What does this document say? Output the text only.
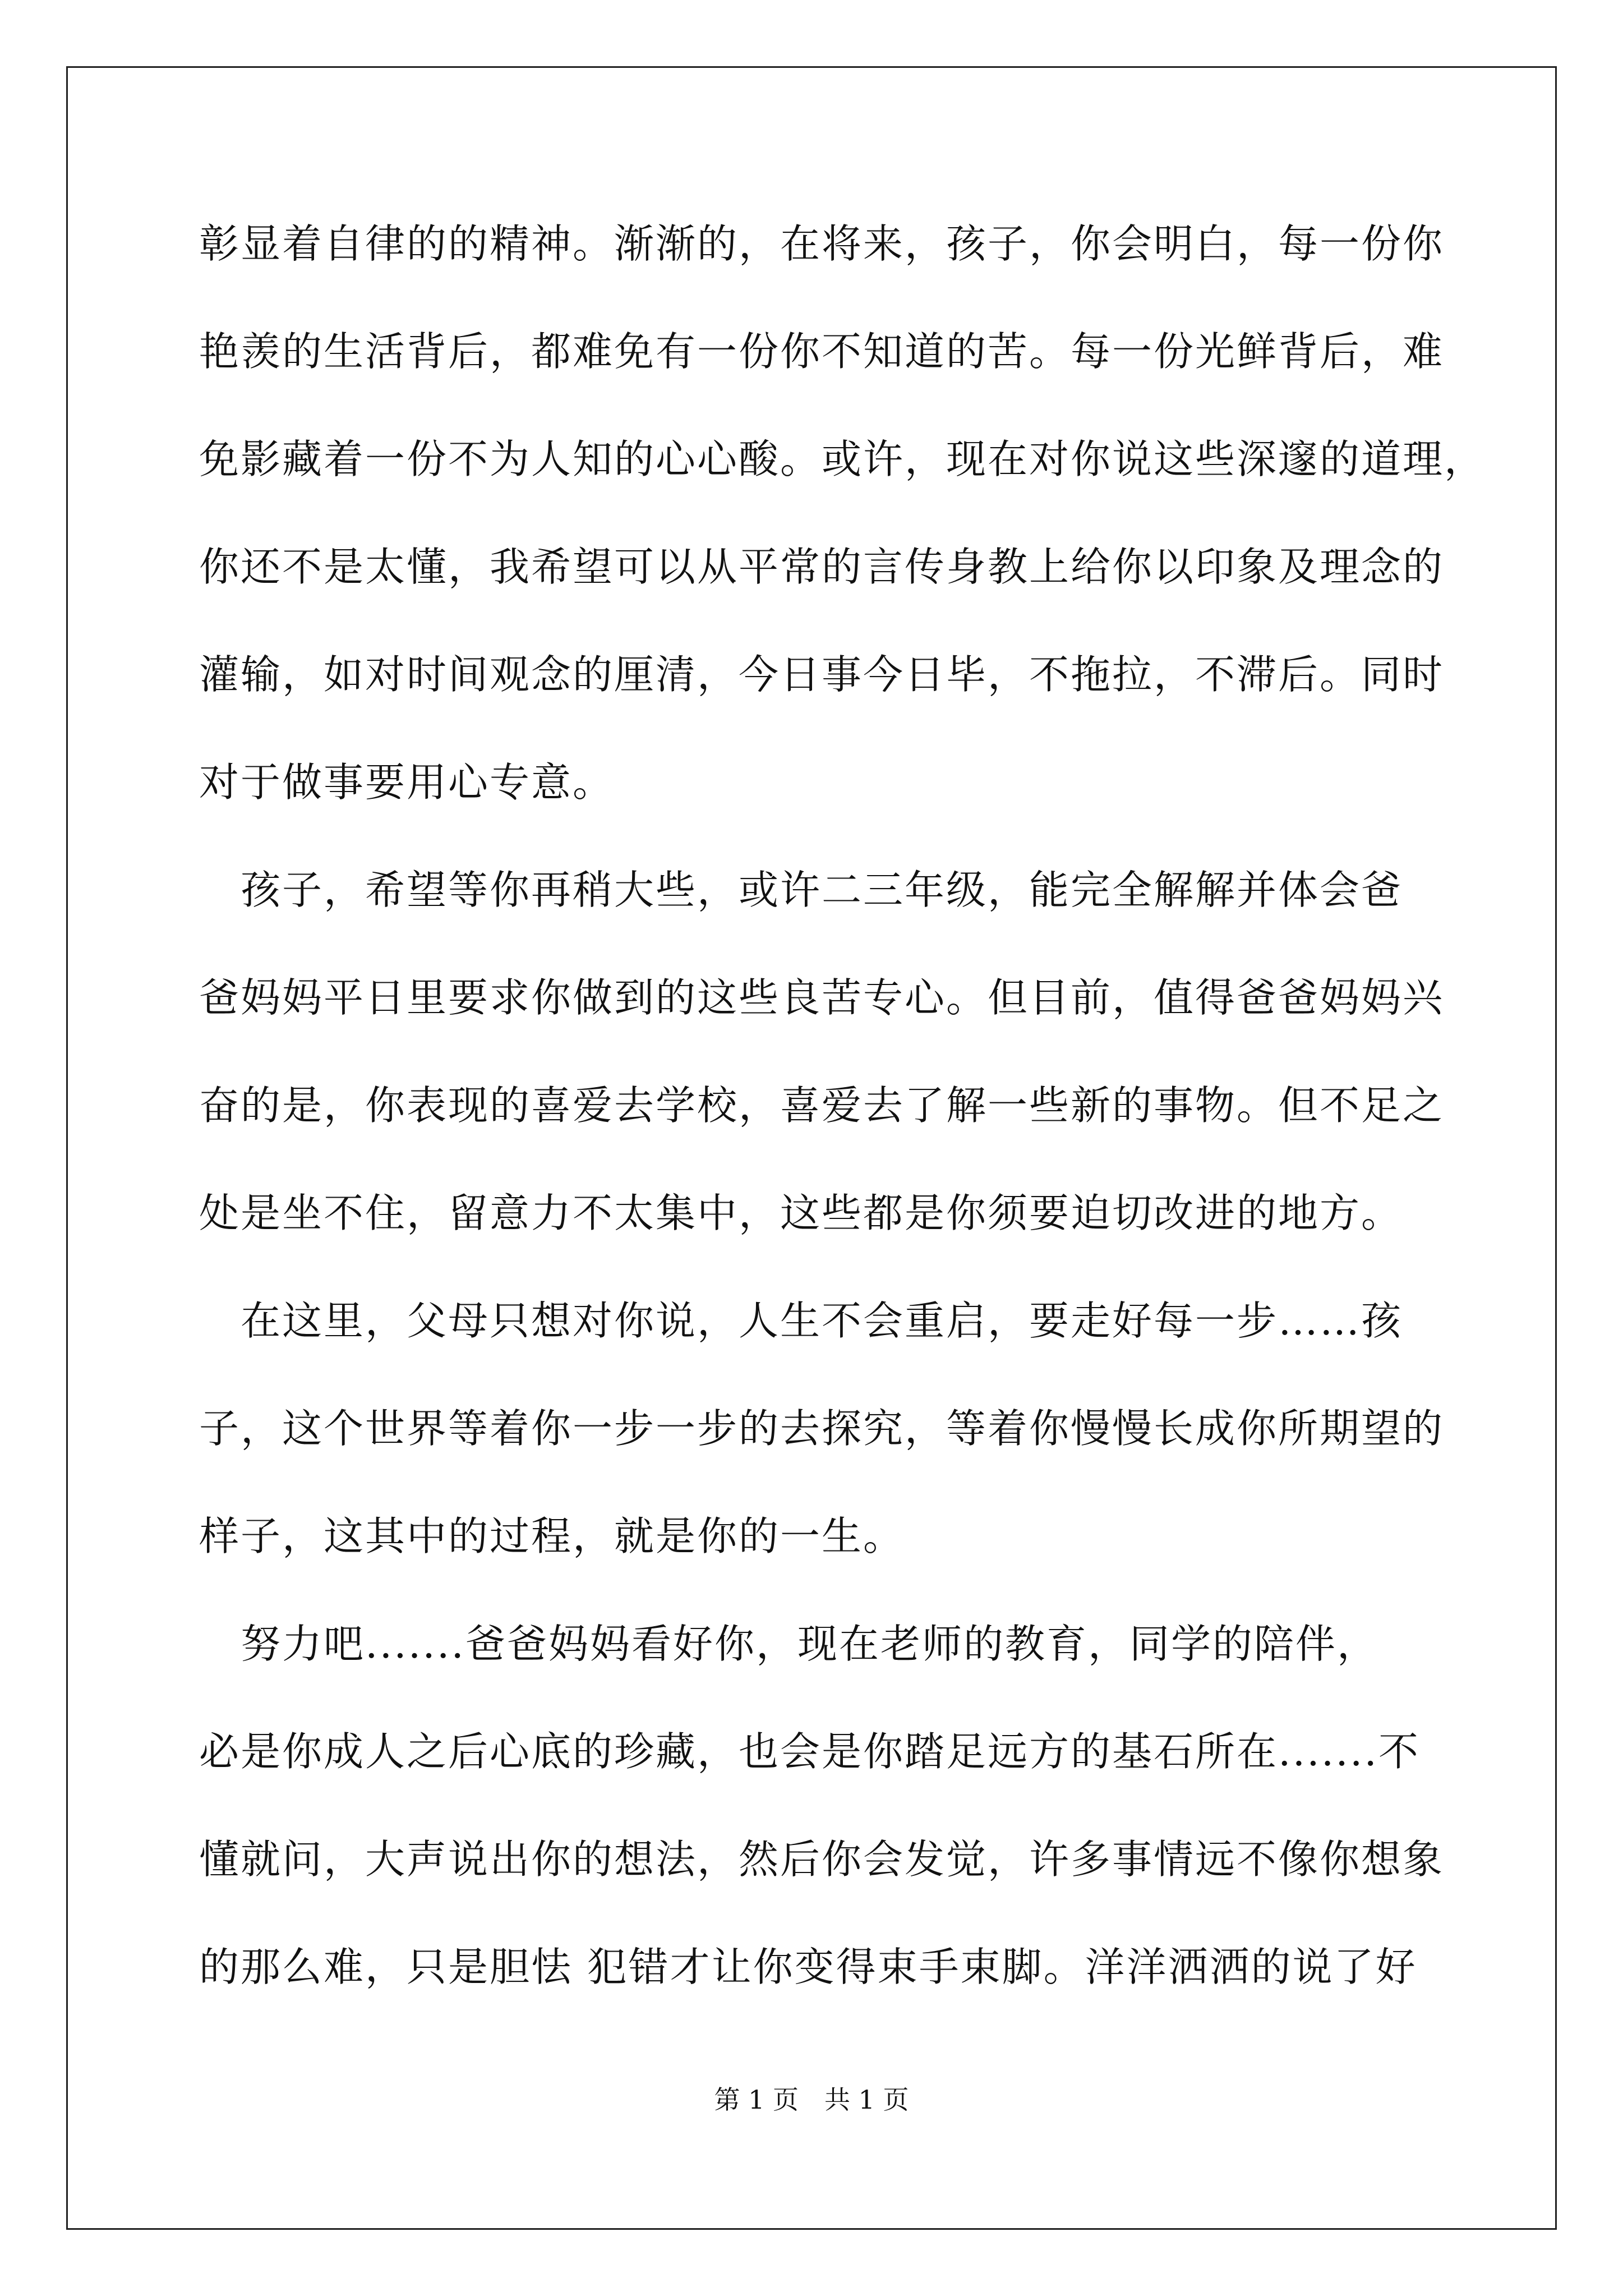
彰显着自律的的精神。渐渐的，在将来，孩子，你会明白，每一份你
艳羡的生活背后，都难免有一份你不知道的苦。每一份光鲜背后，难
免影藏着一份不为人知的心心酸。或许，现在对你说这些深邃的道理，
你还不是太懂，我希望可以从平常的言传身教上给你以印象及理念的
灌输，如对时间观念的厘清，今日事今日毕，不拖拉，不滞后。同时
对于做事要用心专意。
　孩子，希望等你再稍大些，或许二三年级，能完全解解并体会爸
爸妈妈平日里要求你做到的这些良苦专心。但目前，值得爸爸妈妈兴
奋的是，你表现的喜爱去学校，喜爱去了解一些新的事物。但不足之
处是坐不住，留意力不太集中，这些都是你须要迫切改进的地方。
　在这里，父母只想对你说，人生不会重启，要走好每一步……孩
子，这个世界等着你一步一步的去探究，等着你慢慢长成你所期望的
样子，这其中的过程，就是你的一生。
　努力吧.......爸爸妈妈看好你，现在老师的教育，同学的陪伴，
必是你成人之后心底的珍藏，也会是你踏足远方的基石所在.......不
懂就问，大声说出你的想法，然后你会发觉，许多事情远不像你想象
的那么难，只是胆怯 犯错才让你变得束手束脚。洋洋洒洒的说了好
第 1 页　共 1 页
